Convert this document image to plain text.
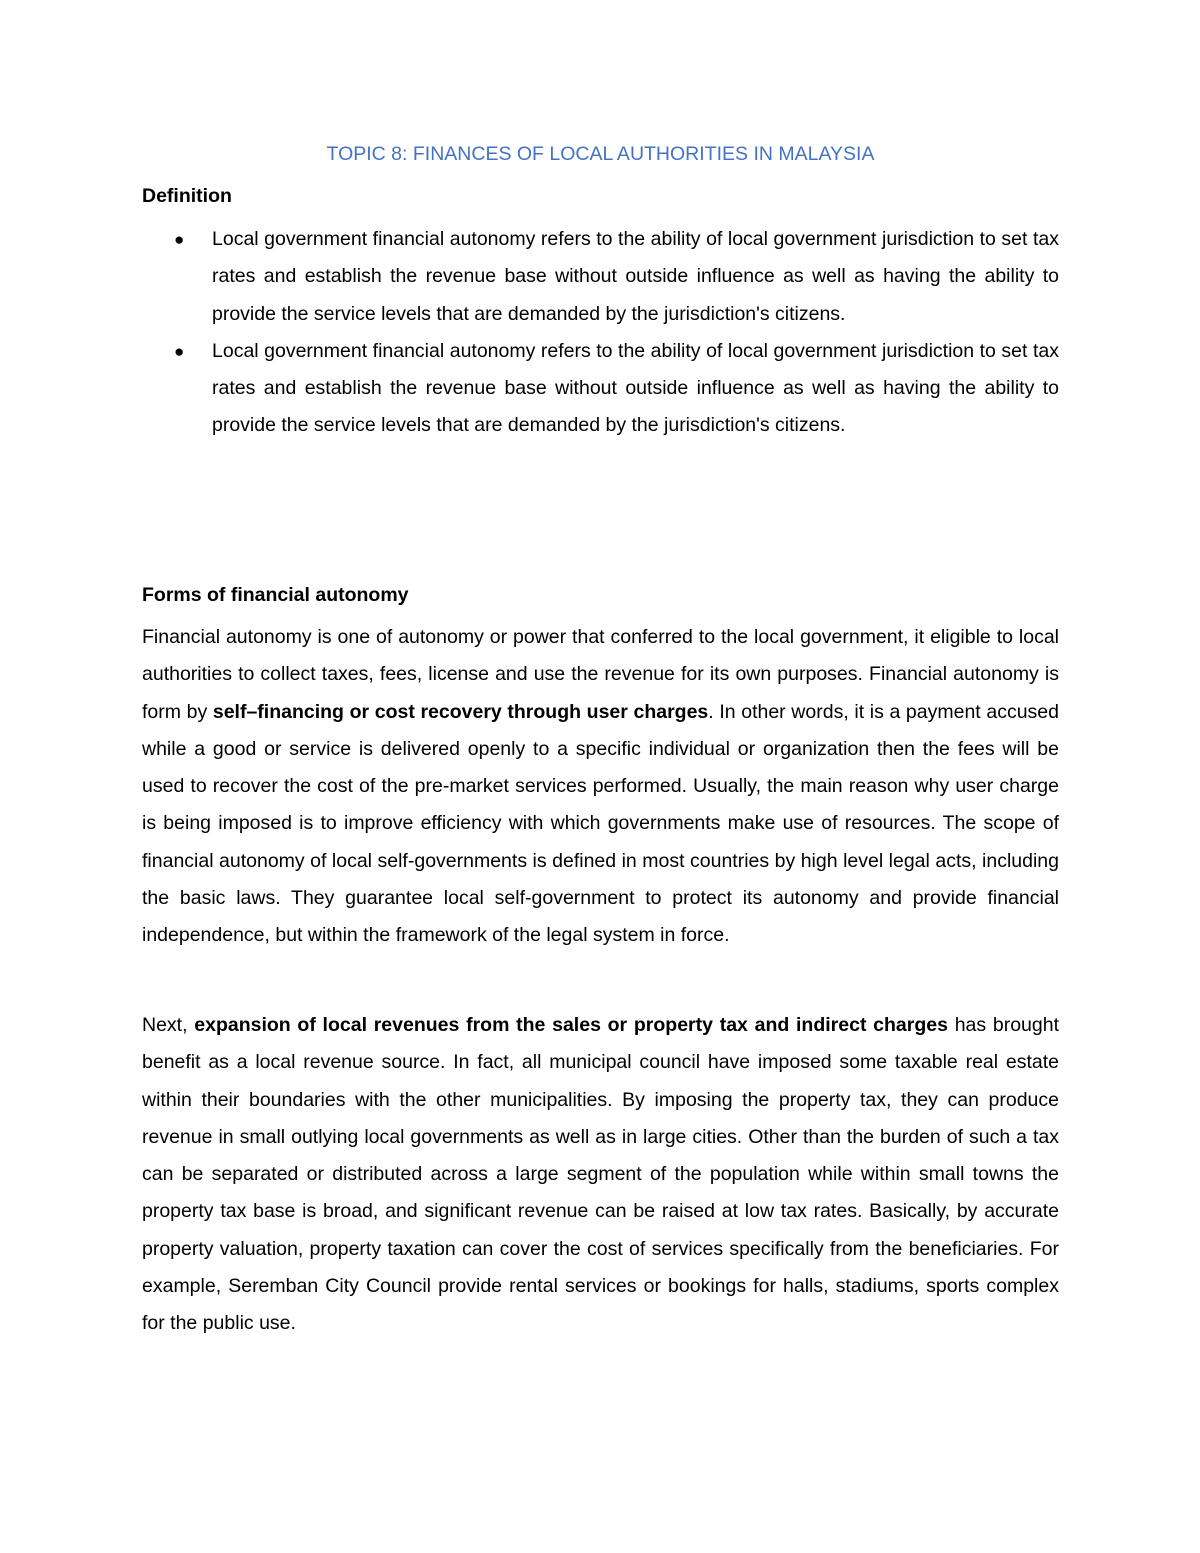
TOPIC 8: FINANCES OF LOCAL AUTHORITIES IN MALAYSIA
Definition
● Local government financial autonomy refers to the ability of local government jurisdiction to set tax rates and establish the revenue base without outside influence as well as having the ability to provide the service levels that are demanded by the jurisdiction's citizens.
● Local government financial autonomy refers to the ability of local government jurisdiction to set tax rates and establish the revenue base without outside influence as well as having the ability to provide the service levels that are demanded by the jurisdiction's citizens.
Forms of financial autonomy

Financial autonomy is one of autonomy or power that conferred to the local government, it eligible to local authorities to collect taxes, fees, license and use the revenue for its own purposes. Financial autonomy is form by self–financing or cost recovery through user charges. In other words, it is a payment accused while a good or service is delivered openly to a specific individual or organization then the fees will be used to recover the cost of the pre-market services performed. Usually, the main reason why user charge is being imposed is to improve efficiency with which governments make use of resources. The scope of financial autonomy of local self-governments is defined in most countries by high level legal acts, including the basic laws. They guarantee local self-government to protect its autonomy and provide financial independence, but within the framework of the legal system in force.

Next, expansion of local revenues from the sales or property tax and indirect charges has brought benefit as a local revenue source. In fact, all municipal council have imposed some taxable real estate within their boundaries with the other municipalities. By imposing the property tax, they can produce revenue in small outlying local governments as well as in large cities. Other than the burden of such a tax can be separated or distributed across a large segment of the population while within small towns the property tax base is broad, and significant revenue can be raised at low tax rates. Basically, by accurate property valuation, property taxation can cover the cost of services specifically from the beneficiaries. For example, Seremban City Council provide rental services or bookings for halls, stadiums, sports complex for the public use.
